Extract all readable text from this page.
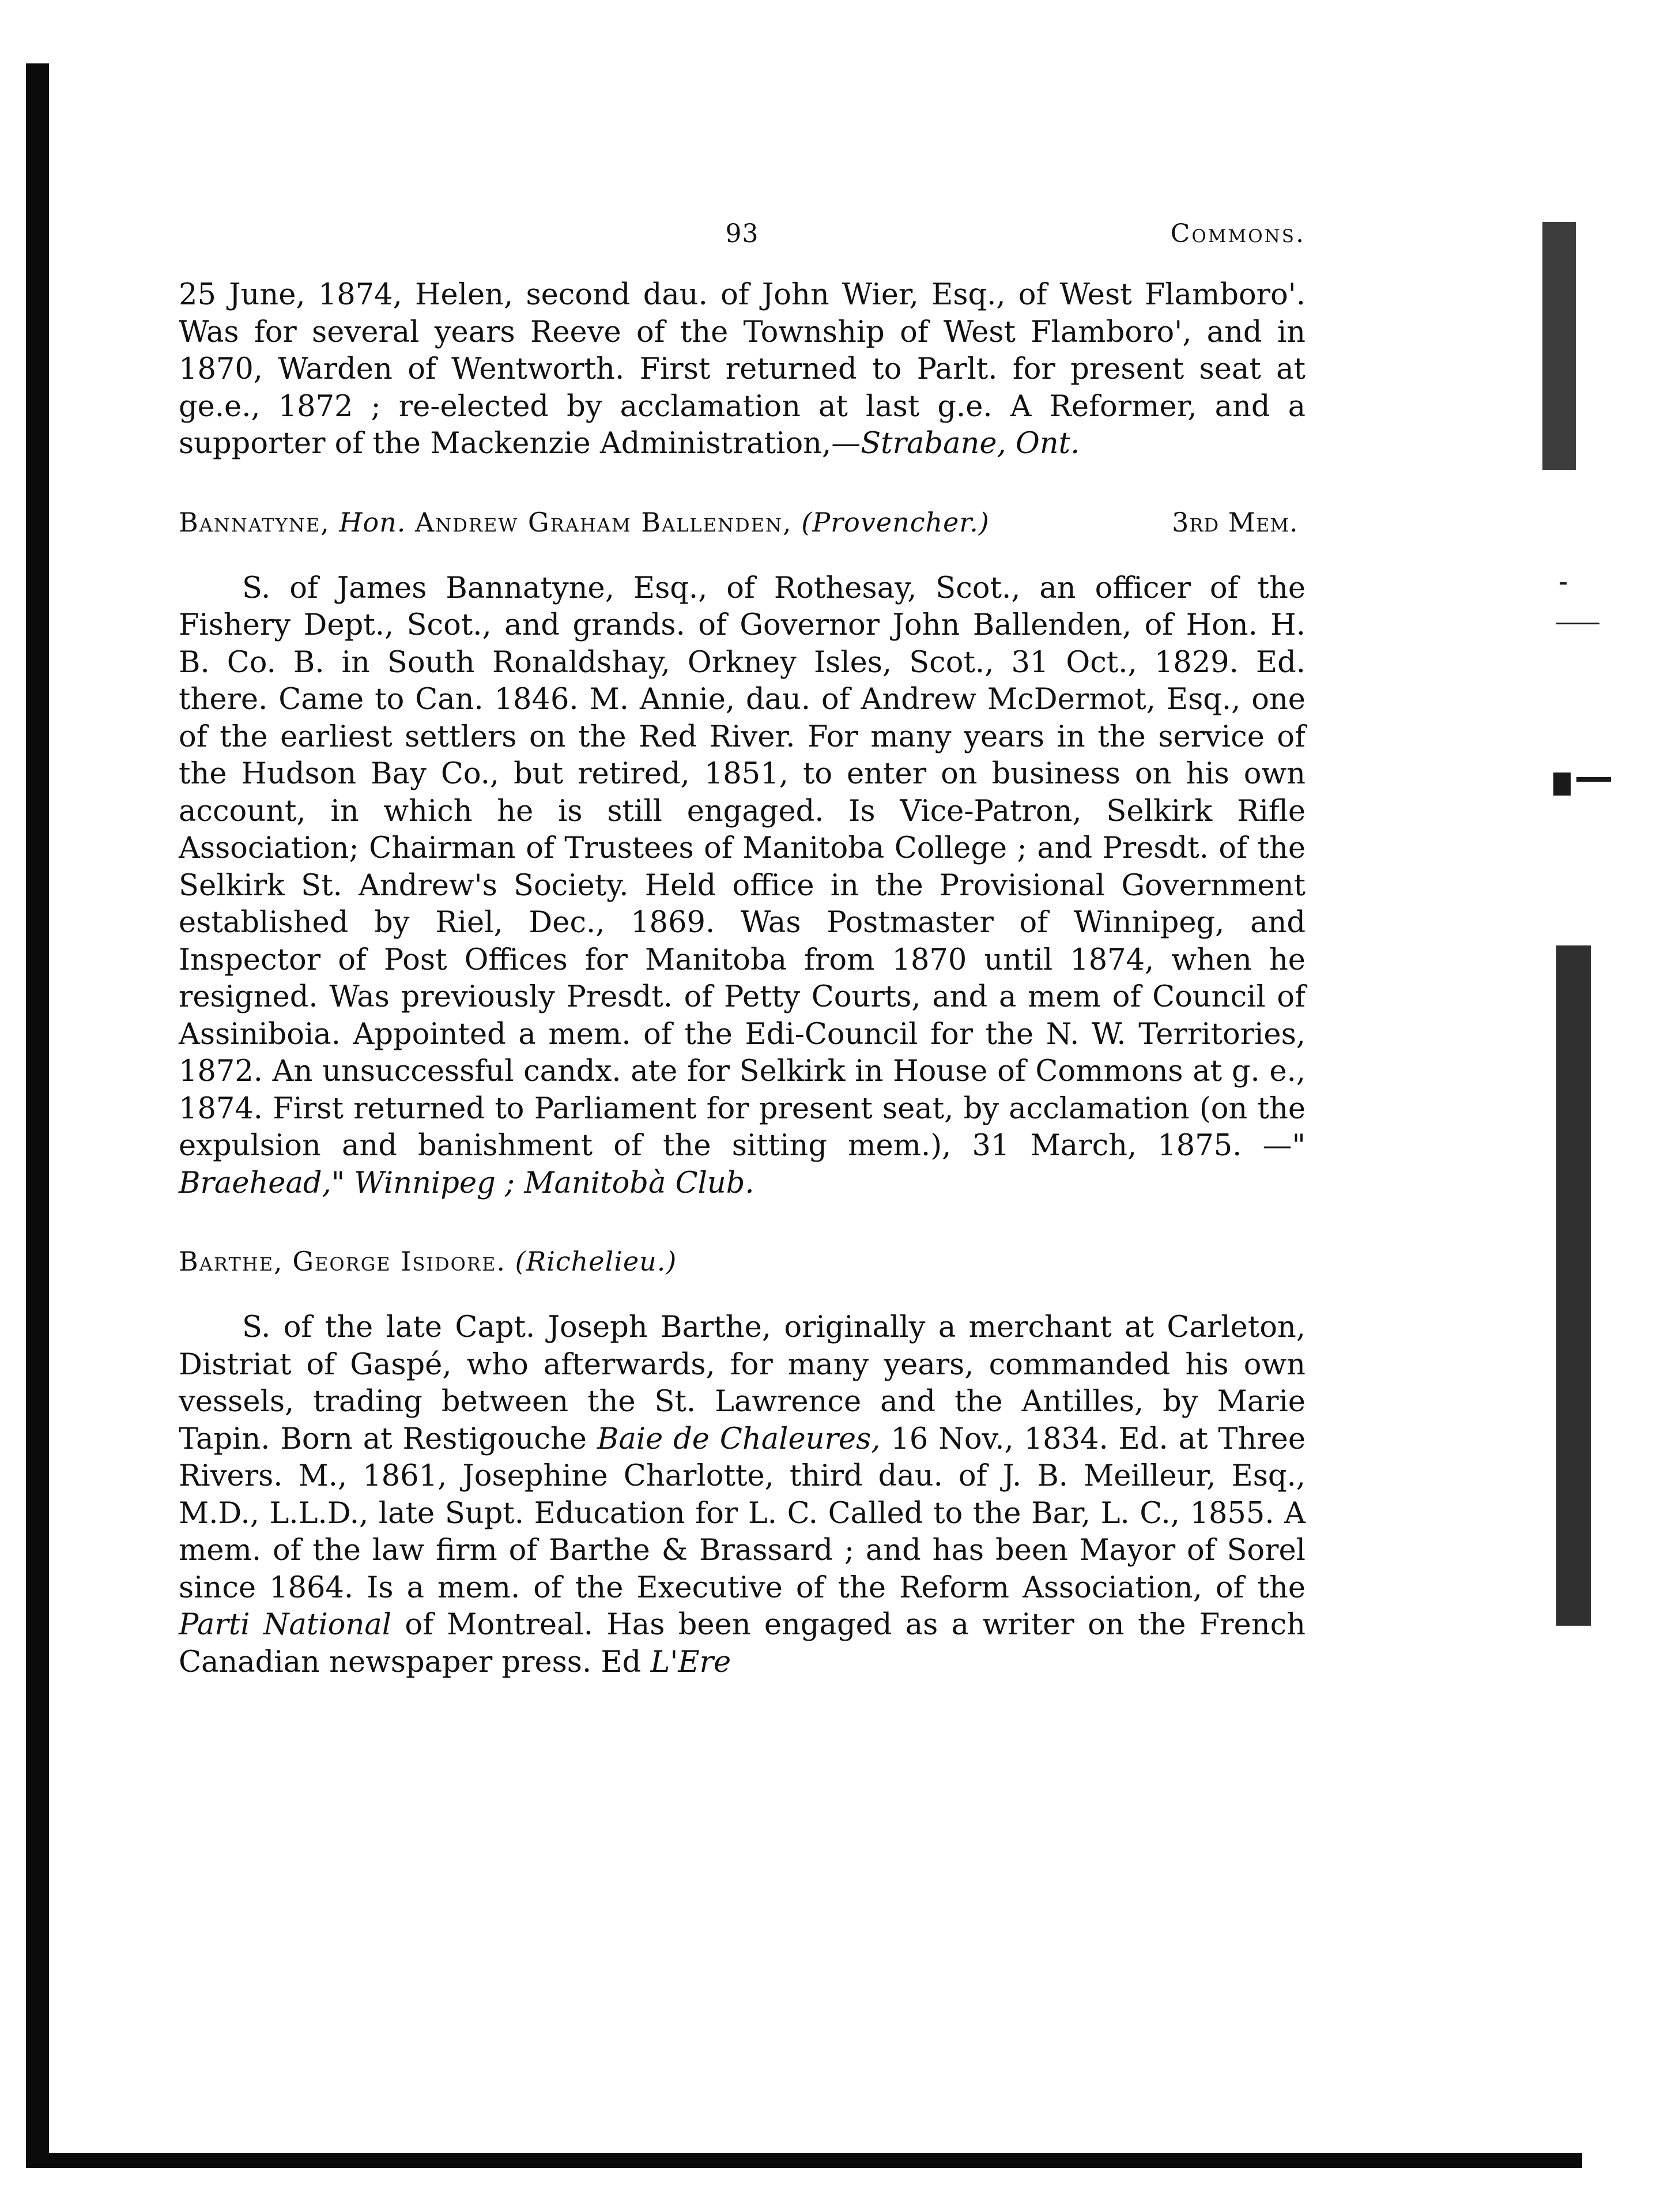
93	Commons.

25 June, 1874, Helen, second dau. of John Wier, Esq., of West Flamboro'. Was for several years Reeve of the Township of West Flamboro', and in 1870, Warden of Wentworth. First returned to Parlt. for present seat at ge.e., 1872 ; re-elected by acclamation at last g.e. A Reformer, and a supporter of the Mackenzie Administration,—Strabane, Ont.

Bannatyne, Hon. Andrew Graham Ballenden, (Provencher.)	3rd Mem.

S. of James Bannatyne, Esq., of Rothesay, Scot., an officer of the Fishery Dept., Scot., and grands. of Governor John Ballenden, of Hon. H. B. Co. B. in South Ronaldshay, Orkney Isles, Scot., 31 Oct., 1829. Ed. there. Came to Can. 1846. M. Annie, dau. of Andrew McDermot, Esq., one of the earliest settlers on the Red River. For many years in the service of the Hudson Bay Co., but retired, 1851, to enter on business on his own account, in which he is still engaged. Is Vice-Patron, Selkirk Rifle Association; Chairman of Trustees of Manitoba College ; and Presdt. of the Selkirk St. Andrew's Society. Held office in the Provisional Government established by Riel, Dec., 1869. Was Postmaster of Winnipeg, and Inspector of Post Offices for Manitoba from 1870 until 1874, when he resigned. Was previously Presdt. of Petty Courts, and a mem of Council of Assiniboia. Appointed a mem. of the Edi-Council for the N. W. Territories, 1872. An unsuccessful candx. ate for Selkirk in House of Commons at g. e., 1874. First returned to Parliament for present seat, by acclamation (on the expulsion and banishment of the sitting mem.), 31 March, 1875. —" Braehead," Winnipeg ; Manitobà Club.

Barthe, George Isidore. (Richelieu.)

S. of the late Capt. Joseph Barthe, originally a merchant at Carleton, Distriat of Gaspé, who afterwards, for many years, commanded his own vessels, trading between the St. Lawrence and the Antilles, by Marie Tapin. Born at Restigouche Baie de Chaleures, 16 Nov., 1834. Ed. at Three Rivers. M., 1861, Josephine Charlotte, third dau. of J. B. Meilleur, Esq., M.D., L.L.D., late Supt. Education for L. C. Called to the Bar, L. C., 1855. A mem. of the law firm of Barthe & Brassard ; and has been Mayor of Sorel since 1864. Is a mem. of the Executive of the Reform Association, of the Parti National of Montreal. Has been engaged as a writer on the French Canadian newspaper press. Ed L'Ere
